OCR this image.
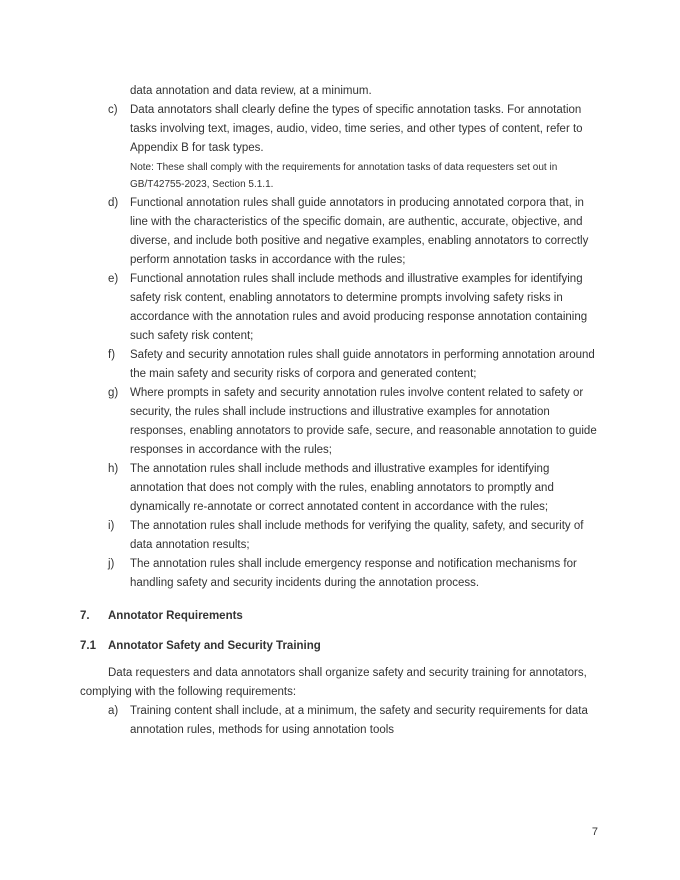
data annotation and data review, at a minimum.
c)	Data annotators shall clearly define the types of specific annotation tasks. For annotation tasks involving text, images, audio, video, time series, and other types of content, refer to Appendix B for task types.
Note: These shall comply with the requirements for annotation tasks of data requesters set out in GB/T42755-2023, Section 5.1.1.
d)	Functional annotation rules shall guide annotators in producing annotated corpora that, in line with the characteristics of the specific domain, are authentic, accurate, objective, and diverse, and include both positive and negative examples, enabling annotators to correctly perform annotation tasks in accordance with the rules;
e)	Functional annotation rules shall include methods and illustrative examples for identifying safety risk content, enabling annotators to determine prompts involving safety risks in accordance with the annotation rules and avoid producing response annotation containing such safety risk content;
f)	Safety and security annotation rules shall guide annotators in performing annotation around the main safety and security risks of corpora and generated content;
g)	Where prompts in safety and security annotation rules involve content related to safety or security, the rules shall include instructions and illustrative examples for annotation responses, enabling annotators to provide safe, secure, and reasonable annotation to guide responses in accordance with the rules;
h)	The annotation rules shall include methods and illustrative examples for identifying annotation that does not comply with the rules, enabling annotators to promptly and dynamically re-annotate or correct annotated content in accordance with the rules;
i)	The annotation rules shall include methods for verifying the quality, safety, and security of data annotation results;
j)	The annotation rules shall include emergency response and notification mechanisms for handling safety and security incidents during the annotation process.
7.	Annotator Requirements
7.1	Annotator Safety and Security Training

Data requesters and data annotators shall organize safety and security training for annotators, complying with the following requirements:

a)	Training content shall include, at a minimum, the safety and security requirements for data annotation rules, methods for using annotation tools
7
